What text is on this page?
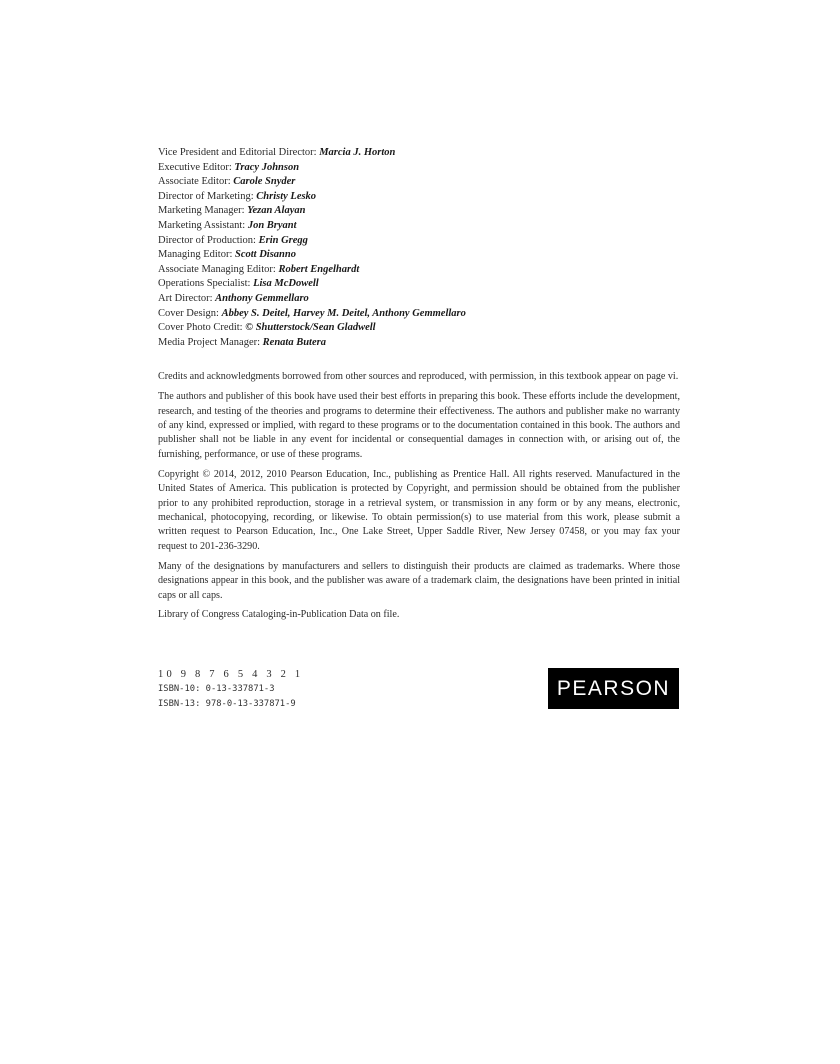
Vice President and Editorial Director: Marcia J. Horton
Executive Editor: Tracy Johnson
Associate Editor: Carole Snyder
Director of Marketing: Christy Lesko
Marketing Manager: Yezan Alayan
Marketing Assistant: Jon Bryant
Director of Production: Erin Gregg
Managing Editor: Scott Disanno
Associate Managing Editor: Robert Engelhardt
Operations Specialist: Lisa McDowell
Art Director: Anthony Gemmellaro
Cover Design: Abbey S. Deitel, Harvey M. Deitel, Anthony Gemmellaro
Cover Photo Credit: © Shutterstock/Sean Gladwell
Media Project Manager: Renata Butera

Credits and acknowledgments borrowed from other sources and reproduced, with permission, in this textbook appear on page vi.

The authors and publisher of this book have used their best efforts in preparing this book. These efforts include the development, research, and testing of the theories and programs to determine their effectiveness. The authors and publisher make no warranty of any kind, expressed or implied, with regard to these programs or to the documentation contained in this book. The authors and publisher shall not be liable in any event for incidental or consequential damages in connection with, or arising out of, the furnishing, performance, or use of these programs.

Copyright © 2014, 2012, 2010 Pearson Education, Inc., publishing as Prentice Hall. All rights reserved. Manufactured in the United States of America. This publication is protected by Copyright, and permission should be obtained from the publisher prior to any prohibited reproduction, storage in a retrieval system, or transmission in any form or by any means, electronic, mechanical, photocopying, recording, or likewise. To obtain permission(s) to use material from this work, please submit a written request to Pearson Education, Inc., One Lake Street, Upper Saddle River, New Jersey 07458, or you may fax your request to 201-236-3290.

Many of the designations by manufacturers and sellers to distinguish their products are claimed as trademarks. Where those designations appear in this book, and the publisher was aware of a trademark claim, the designations have been printed in initial caps or all caps.

Library of Congress Cataloging-in-Publication Data on file.

10 9 8 7 6 5 4 3 2 1
ISBN-10: 0-13-337871-3
ISBN-13: 978-0-13-337871-9
PEARSON
